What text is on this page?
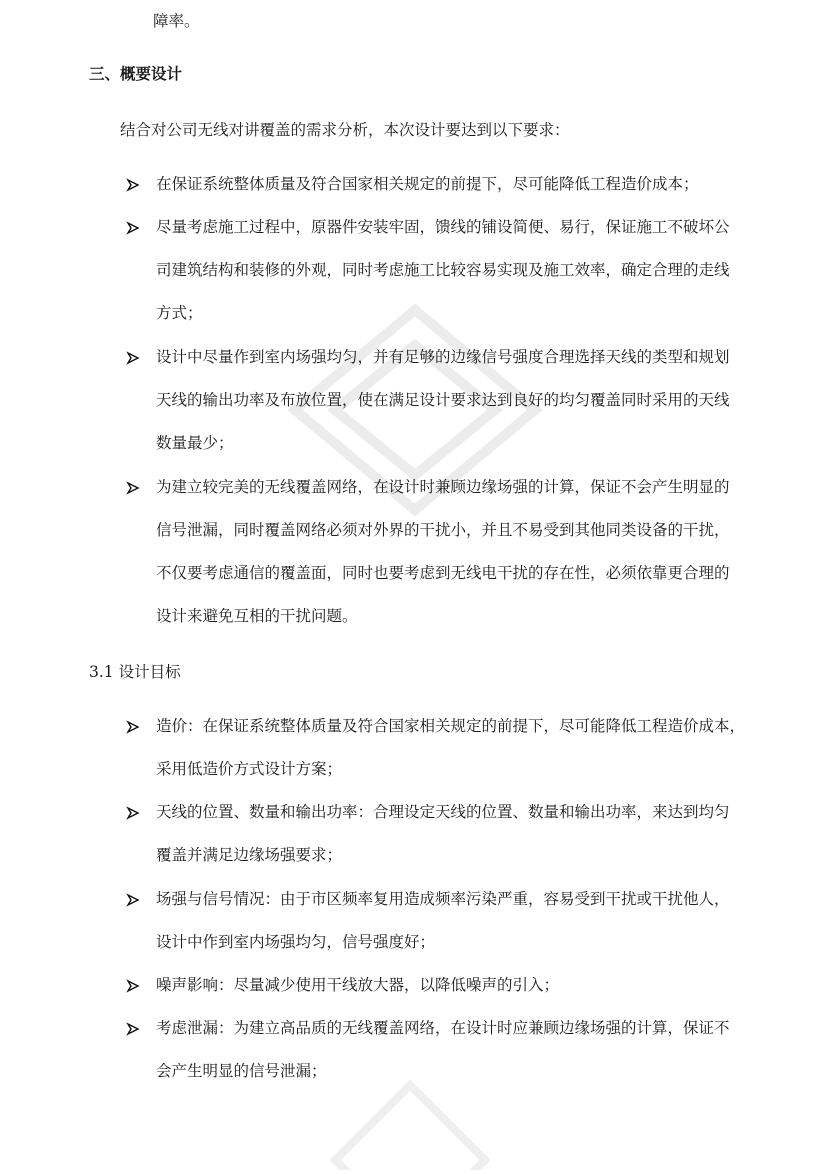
障率。
三、概要设计
结合对公司无线对讲覆盖的需求分析，本次设计要达到以下要求：
在保证系统整体质量及符合国家相关规定的前提下，尽可能降低工程造价成本；
尽量考虑施工过程中，原器件安装牢固，馈线的铺设简便、易行，保证施工不破坏公
司建筑结构和装修的外观，同时考虑施工比较容易实现及施工效率，确定合理的走线
方式；
设计中尽量作到室内场强均匀，并有足够的边缘信号强度合理选择天线的类型和规划
天线的输出功率及布放位置，使在满足设计要求达到良好的均匀覆盖同时采用的天线
数量最少；
为建立较完美的无线覆盖网络，在设计时兼顾边缘场强的计算，保证不会产生明显的
信号泄漏，同时覆盖网络必须对外界的干扰小，并且不易受到其他同类设备的干扰，
不仅要考虑通信的覆盖面，同时也要考虑到无线电干扰的存在性，必须依靠更合理的
设计来避免互相的干扰问题。
3.1 设计目标
造价：在保证系统整体质量及符合国家相关规定的前提下，尽可能降低工程造价成本，
采用低造价方式设计方案；
天线的位置、数量和输出功率：合理设定天线的位置、数量和输出功率，来达到均匀
覆盖并满足边缘场强要求；
场强与信号情况：由于市区频率复用造成频率污染严重，容易受到干扰或干扰他人，
设计中作到室内场强均匀，信号强度好；
噪声影响：尽量减少使用干线放大器，以降低噪声的引入；
考虑泄漏：为建立高品质的无线覆盖网络，在设计时应兼顾边缘场强的计算，保证不
会产生明显的信号泄漏；
